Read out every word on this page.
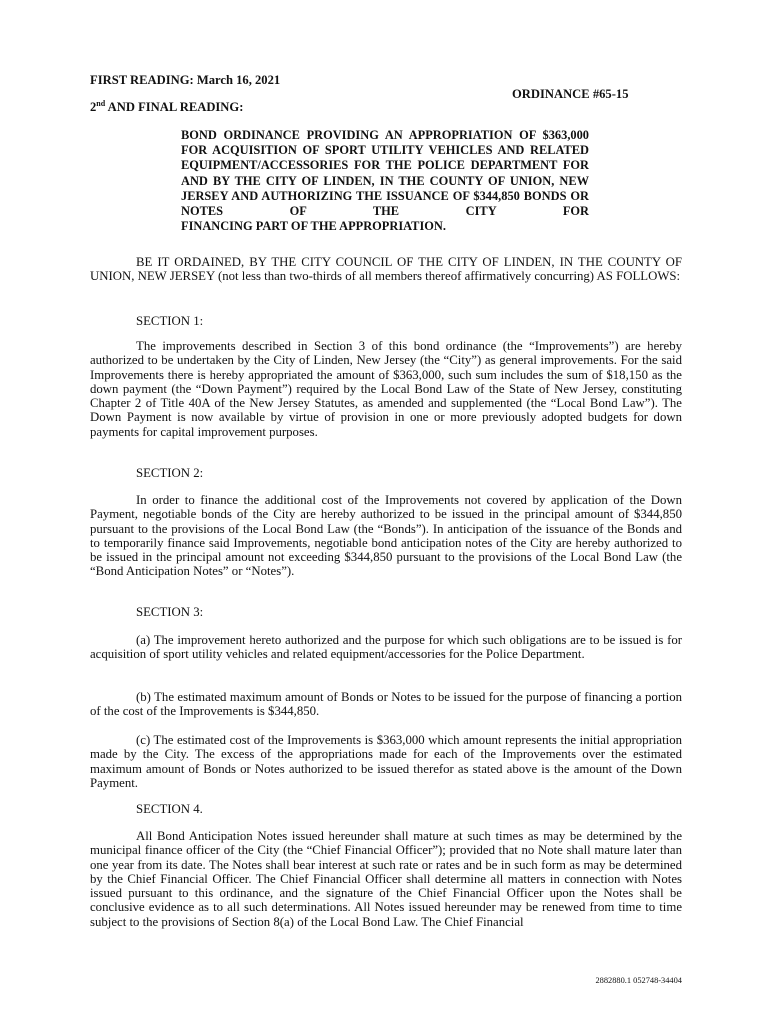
FIRST READING: March 16, 2021

ORDINANCE #65-15

2nd AND FINAL READING:

BOND ORDINANCE PROVIDING AN APPROPRIATION OF $363,000 FOR ACQUISITION OF SPORT UTILITY VEHICLES AND RELATED EQUIPMENT/ACCESSORIES FOR THE POLICE DEPARTMENT FOR AND BY THE CITY OF LINDEN, IN THE COUNTY OF UNION, NEW JERSEY AND AUTHORIZING THE ISSUANCE OF $344,850 BONDS OR NOTES OF THE CITY FOR
FINANCING PART OF THE APPROPRIATION.

BE IT ORDAINED, BY THE CITY COUNCIL OF THE CITY OF LINDEN, IN THE COUNTY OF UNION, NEW JERSEY (not less than two-thirds of all members thereof affirmatively concurring) AS FOLLOWS:

SECTION 1:

The improvements described in Section 3 of this bond ordinance (the “Improvements”) are hereby authorized to be undertaken by the City of Linden, New Jersey (the “City”) as general improvements. For the said Improvements there is hereby appropriated the amount of $363,000, such sum includes the sum of $18,150 as the down payment (the “Down Payment”) required by the Local Bond Law of the State of New Jersey, constituting Chapter 2 of Title 40A of the New Jersey Statutes, as amended and supplemented (the “Local Bond Law”). The Down Payment is now available by virtue of provision in one or more previously adopted budgets for down payments for capital improvement purposes.

SECTION 2:

In order to finance the additional cost of the Improvements not covered by application of the Down Payment, negotiable bonds of the City are hereby authorized to be issued in the principal amount of $344,850 pursuant to the provisions of the Local Bond Law (the “Bonds”). In anticipation of the issuance of the Bonds and to temporarily finance said Improvements, negotiable bond anticipation notes of the City are hereby authorized to be issued in the principal amount not exceeding $344,850 pursuant to the provisions of the Local Bond Law (the “Bond Anticipation Notes” or “Notes”).

SECTION 3:

(a) The improvement hereto authorized and the purpose for which such obligations are to be issued is for acquisition of sport utility vehicles and related equipment/accessories for the Police Department.

(b) The estimated maximum amount of Bonds or Notes to be issued for the purpose of financing a portion of the cost of the Improvements is $344,850.

(c) The estimated cost of the Improvements is $363,000 which amount represents the initial appropriation made by the City. The excess of the appropriations made for each of the Improvements over the estimated maximum amount of Bonds or Notes authorized to be issued therefor as stated above is the amount of the Down Payment.

SECTION 4.

All Bond Anticipation Notes issued hereunder shall mature at such times as may be determined by the municipal finance officer of the City (the “Chief Financial Officer”); provided that no Note shall mature later than one year from its date. The Notes shall bear interest at such rate or rates and be in such form as may be determined by the Chief Financial Officer. The Chief Financial Officer shall determine all matters in connection with Notes issued pursuant to this ordinance, and the signature of the Chief Financial Officer upon the Notes shall be conclusive evidence as to all such determinations. All Notes issued hereunder may be renewed from time to time subject to the provisions of Section 8(a) of the Local Bond Law. The Chief Financial

2882880.1 052748-34404
